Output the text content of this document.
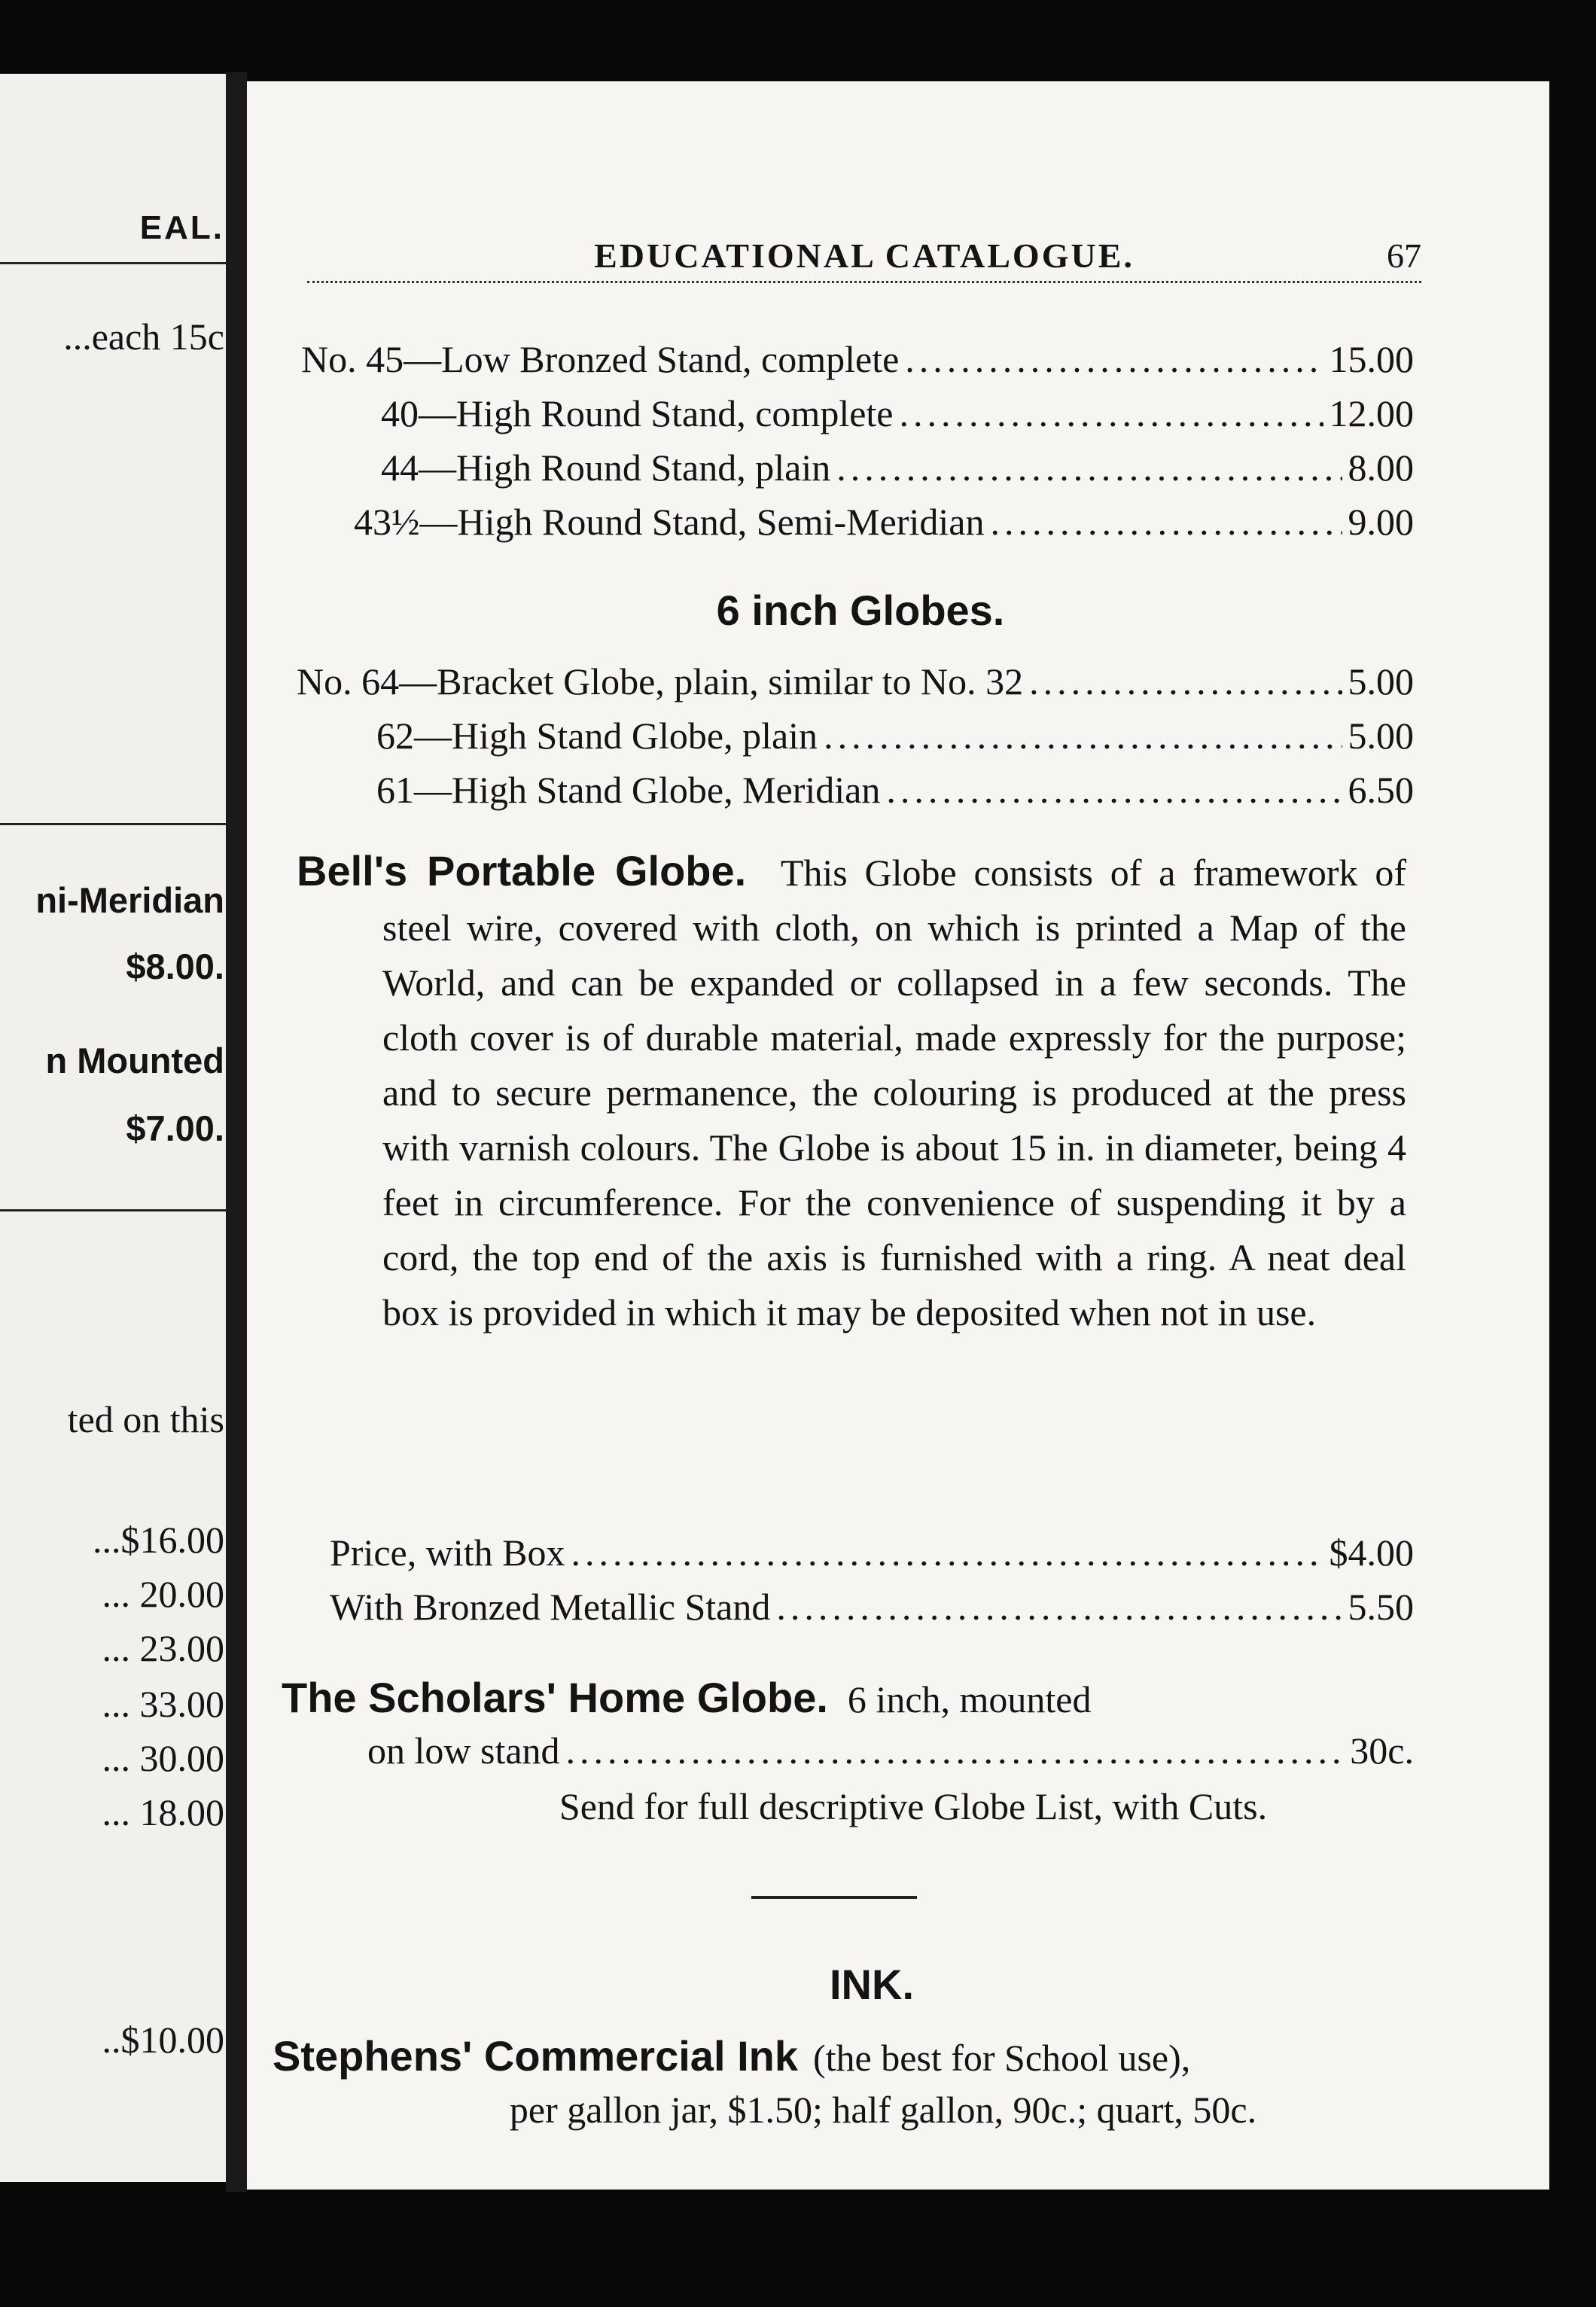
EAL.
...each 15c
ni-Meridian
$8.00.
n Mounted
$7.00.
ted on this
...$16.00
... 20.00
... 23.00
... 33.00
... 30.00
... 18.00
..$10.00
EDUCATIONAL CATALOGUE.	67
No. 45—Low Bronzed Stand, complete .....	15.00
40—High Round Stand, complete .....	12.00
44—High Round Stand, plain .....	8.00
43½—High Round Stand, Semi-Meridian .....	9.00
6 inch Globes.
No. 64—Bracket Globe, plain, similar to No. 32 .....	5.00
62—High Stand Globe, plain .....	5.00
61—High Stand Globe, Meridian .....	6.50
Bell's Portable Globe. This Globe consists of a framework of steel wire, covered with cloth, on which is printed a Map of the World, and can be expanded or collapsed in a few seconds. The cloth cover is of durable material, made expressly for the purpose; and to secure permanence, the colouring is produced at the press with varnish colours. The Globe is about 15 in. in diameter, being 4 feet in circumference. For the convenience of suspending it by a cord, the top end of the axis is furnished with a ring. A neat deal box is provided in which it may be deposited when not in use.
Price, with Box .....	$4.00
With Bronzed Metallic Stand .....	5.50
The Scholars' Home Globe. 6 inch, mounted
on low stand .....	30c.
Send for full descriptive Globe List, with Cuts.
INK.
Stephens' Commercial Ink (the best for School use),
per gallon jar, $1.50; half gallon, 90c.; quart, 50c.
